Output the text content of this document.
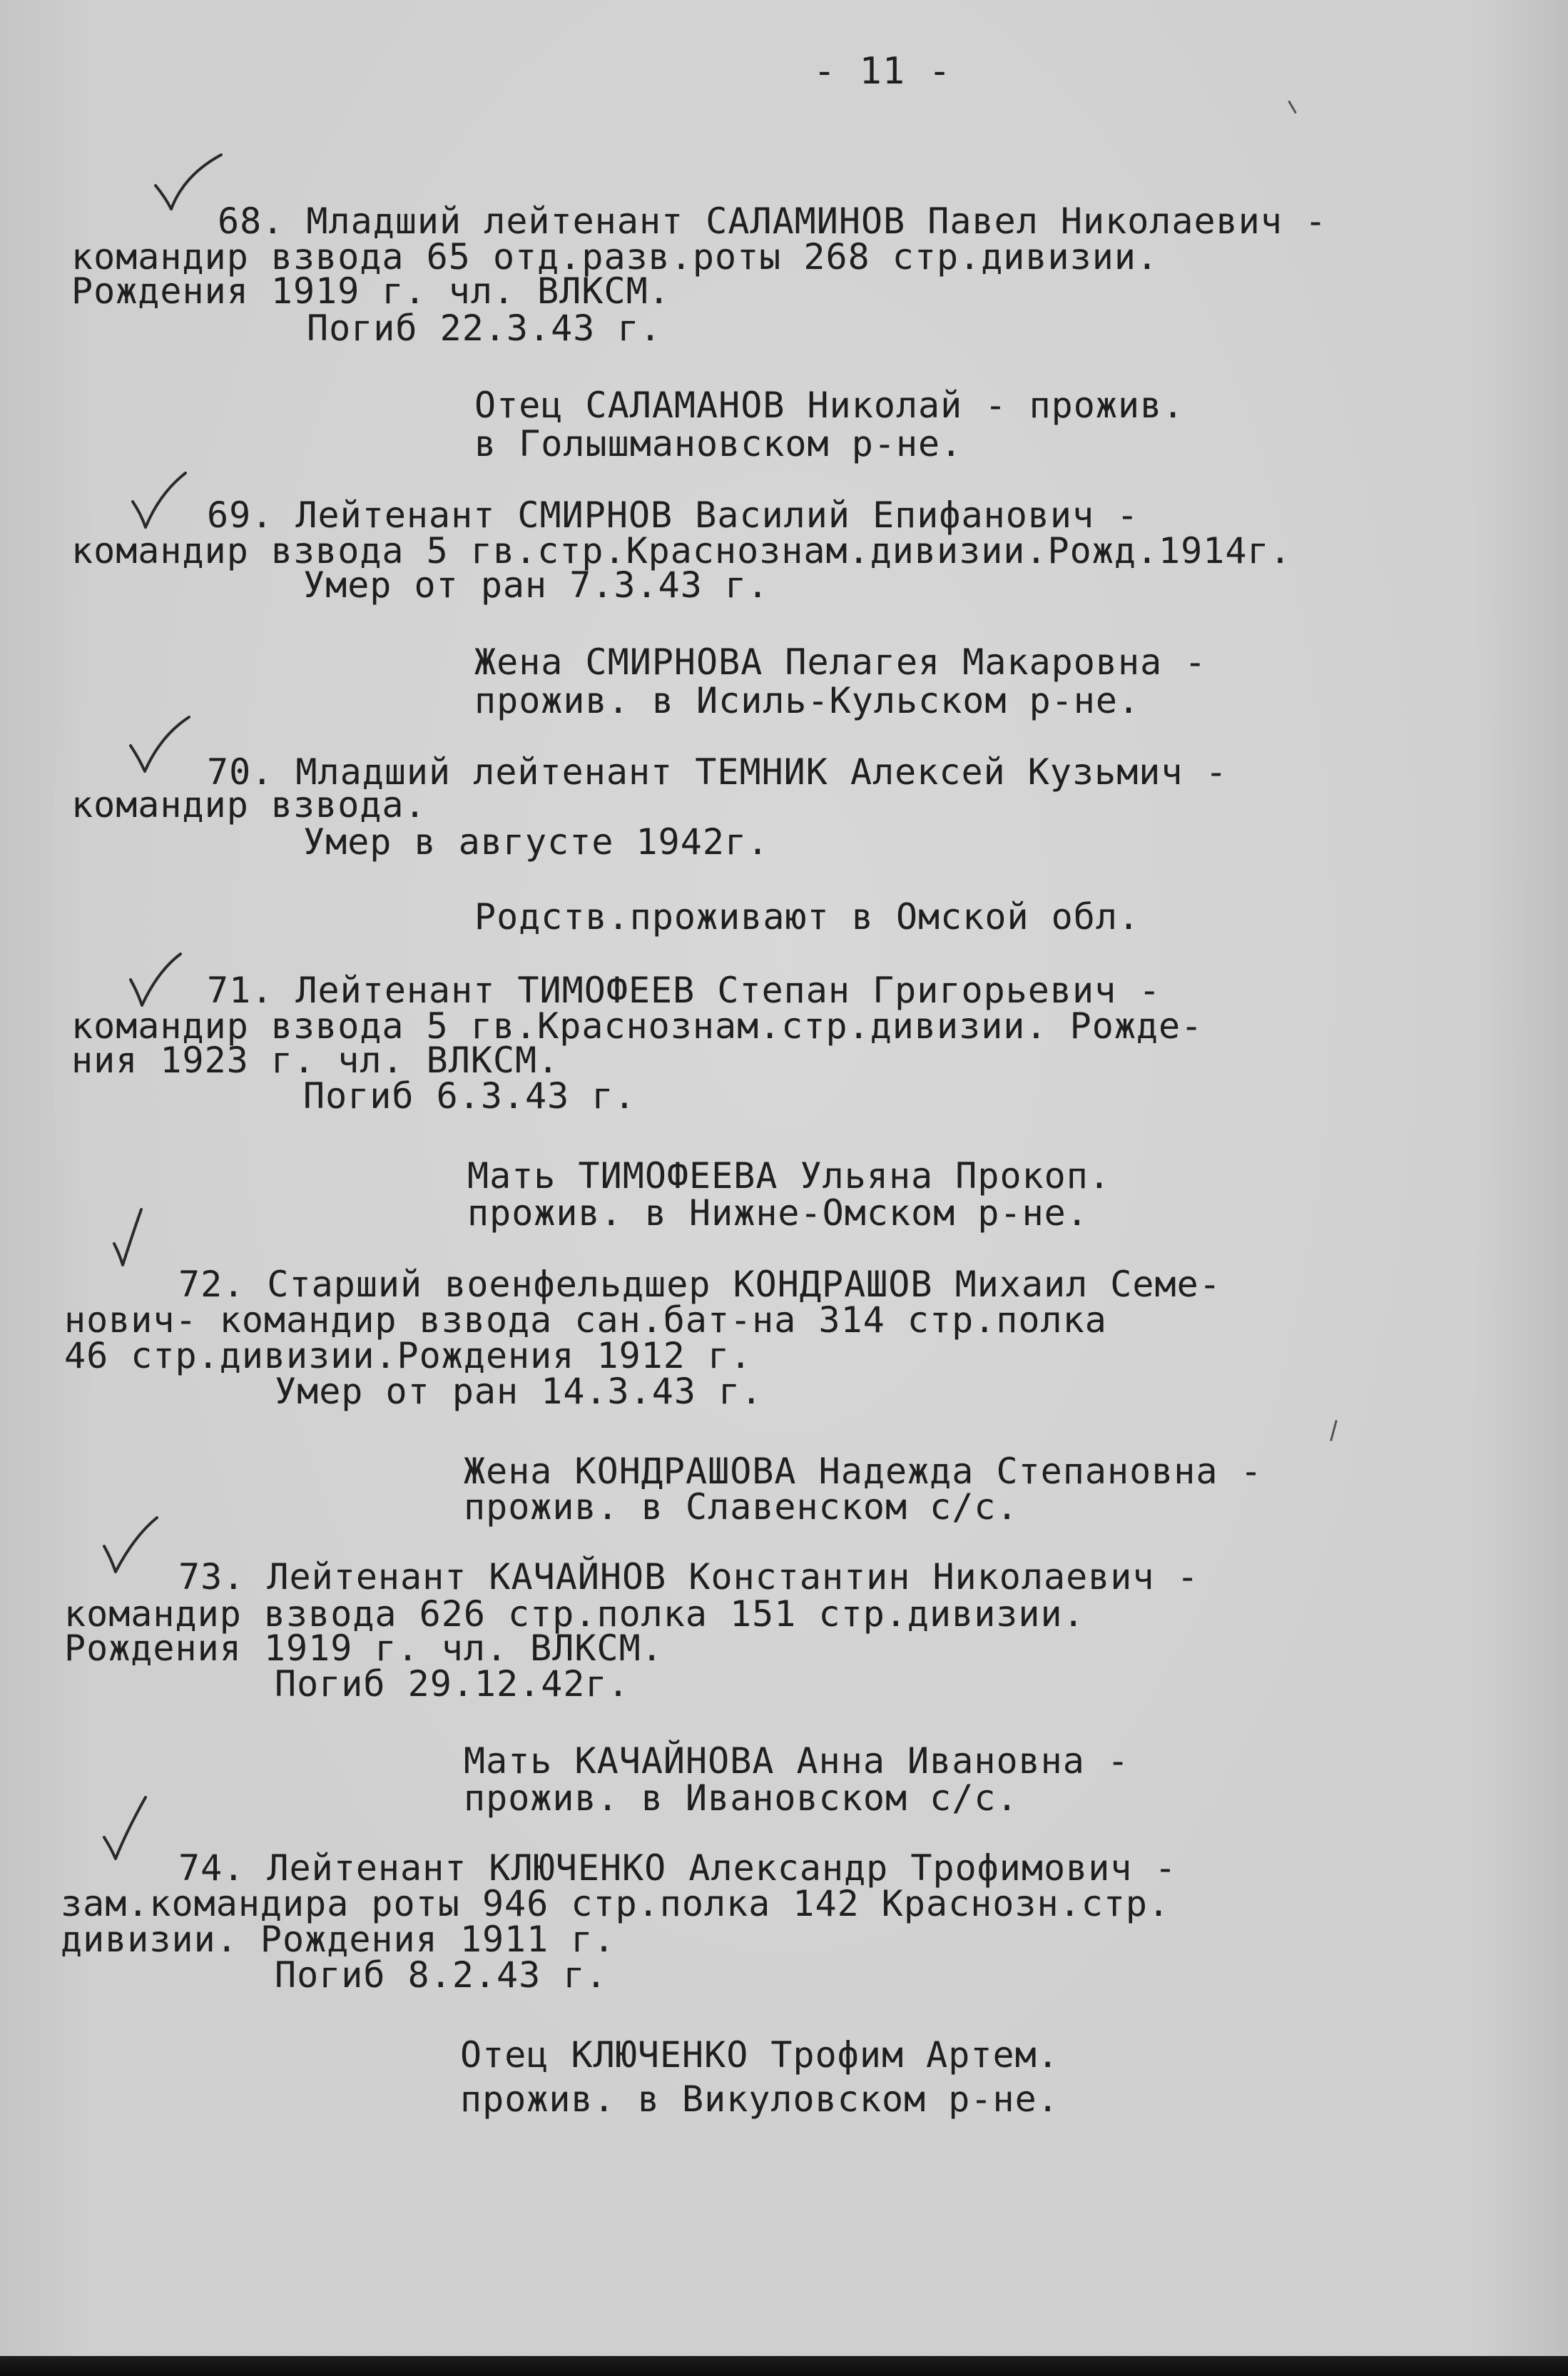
- 11 -
68. Младший лейтенант САЛАМИНОВ Павел Николаевич -
командир взвода 65 отд.разв.роты 268 стр.дивизии.
Рождения 1919 г. чл. ВЛКСМ.
Погиб 22.3.43 г.
Отец САЛАМАНОВ Николай - прожив.
в Голышмановском р-не.
69. Лейтенант СМИРНОВ Василий Епифанович -
командир взвода 5 гв.стр.Краснознам.дивизии.Рожд.1914г.
Умер от ран 7.3.43 г.
Жена СМИРНОВА Пелагея Макаровна -
прожив. в Исиль-Кульском р-не.
70. Младший лейтенант ТЕМНИК Алексей Кузьмич -
командир взвода.
Умер в августе 1942г.
Родств.проживают в Омской обл.
71. Лейтенант ТИМОФЕЕВ Степан Григорьевич -
командир взвода 5 гв.Краснознам.стр.дивизии. Рожде-
ния 1923 г. чл. ВЛКСМ.
Погиб 6.3.43 г.
Мать ТИМОФЕЕВА Ульяна Прокоп.
прожив. в Нижне-Омском р-не.
72. Старший военфельдшер КОНДРАШОВ Михаил Семе-
нович- командир взвода сан.бат-на 314 стр.полка
46 стр.дивизии.Рождения 1912 г.
Умер от ран 14.3.43 г.
Жена КОНДРАШОВА Надежда Степановна -
прожив. в Славенском с/с.
73. Лейтенант КАЧАЙНОВ Константин Николаевич -
командир взвода 626 стр.полка 151 стр.дивизии.
Рождения 1919 г. чл. ВЛКСМ.
Погиб 29.12.42г.
Мать КАЧАЙНОВА Анна Ивановна -
прожив. в Ивановском с/с.
74. Лейтенант КЛЮЧЕНКО Александр Трофимович -
зам.командира роты 946 стр.полка 142 Краснозн.стр.
дивизии. Рождения 1911 г.
Погиб 8.2.43 г.
Отец КЛЮЧЕНКО Трофим Артем.
прожив. в Викуловском р-не.
